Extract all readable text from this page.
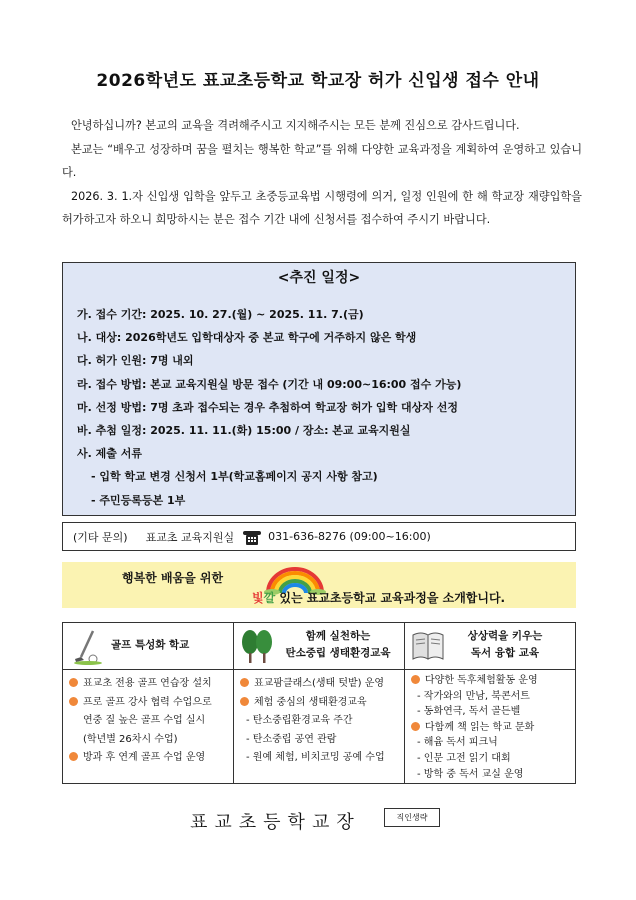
2026학년도 표교초등학교 학교장 허가 신입생 접수 안내

안녕하십니까? 본교의 교육을 격려해주시고 지지해주시는 모든 분께 진심으로 감사드립니다.

본교는 “배우고 성장하며 꿈을 펼치는 행복한 학교”를 위해 다양한 교육과정을 계획하여 운영하고 있습니다.

2026. 3. 1.자 신입생 입학을 앞두고 초중등교육법 시행령에 의거, 일정 인원에 한 해 학교장 재량입학을 허가하고자 하오니 희망하시는 분은 접수 기간 내에 신청서를 접수하여 주시기 바랍니다.

<추진 일정>
가. 접수 기간: 2025. 10. 27.(월) ~ 2025. 11. 7.(금)
나. 대상: 2026학년도 입학대상자 중 본교 학구에 거주하지 않은 학생
다. 허가 인원: 7명 내외
라. 접수 방법: 본교 교육지원실 방문 접수 (기간 내 09:00~16:00 접수 가능)
마. 선정 방법: 7명 초과 접수되는 경우 추첨하여 학교장 허가 입학 대상자 선정
바. 추첨 일정: 2025. 11. 11.(화) 15:00 / 장소: 본교 교육지원실
사. 제출 서류
- 입학 학교 변경 신청서 1부(학교홈페이지 공지 사항 참고)
- 주민등록등본 1부
(기타 문의) 표교초 교육지원실	031-636-8276 (09:00~16:00)
행복한 배움을 위한
빛깔 있는 표교초등학교 교육과정을 소개합니다.
골프 특성화 학교
표교초 전용 골프 연습장 설치
프로 골프 강사 협력 수업으로
연중 질 높은 골프 수업 실시
(학년별 26차시 수업)
방과 후 연계 골프 수업 운영
함께 실천하는
탄소중립 생태환경교육
표교팜클래스(생태 텃밭) 운영
체험 중심의 생태환경교육
- 탄소중립환경교육 주간
- 탄소중립 공연 관람
- 원예 체험, 비치코밍 공예 수업
상상력을 키우는
독서 융합 교육
다양한 독후체험활동 운영
- 작가와의 만남, 북콘서트
- 동화연극, 독서 골든벨
다함께 책 읽는 학교 문화
- 해윰 독서 피크닉
- 인문 고전 읽기 대회
- 방학 중 독서 교실 운영
표교초등학교장	직인생략
